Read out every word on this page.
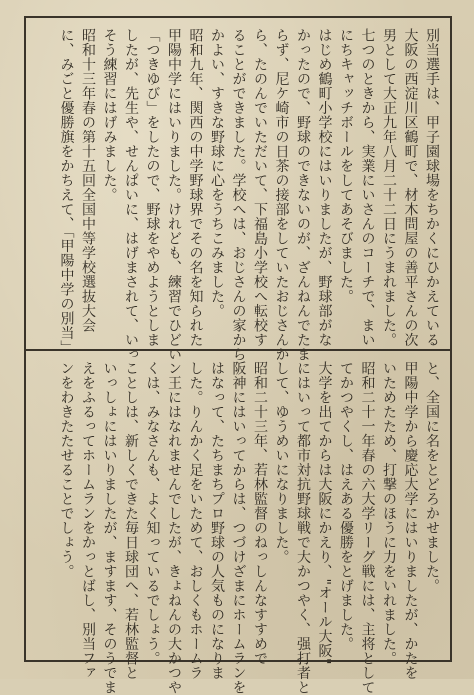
別当選手は、甲子園球場をちかくにひかえている
大阪の西淀川区鶴町で、材木問屋の善平さんの次
男として大正九年八月二十二日にうまれました。
七つのときから、実業にいさんのコーチで、まい
にちキャッチボールをしてあそびました。
はじめ鶴町小学校にはいりましたが、野球部がな
かったので、野球のできないのが、ざんねんでたま
らず、尼ケ崎市の日茶の接部をしていたおじさんか
ら、たのんでいただいて、下福島小学校へ転校す
ることができました。学校へは、おじさんの家から
かよい、すきな野球に心をうちこみました。
昭和九年、関西の中学野球界でその名を知られた
甲陽中学にはいりました。けれども、練習でひどい
「つきゆび」をしたので、野球をやめようとしま
したが、先生や、せんぱいに、はげまされて、いっ
そう練習にはげみました。
昭和十三年春の第十五回全国中等学校選抜大会
に、みごと優勝旗をかちえて、「甲陽中学の別当」
と、全国に名をとどろかせました。
甲陽中学から慶応大学にはいりましたが、かたを
いためたため、打撃のほうに力をいれました。
昭和二十一年春の六大学リーグ戦には、主将として
てかつやくし、はえある優勝をとげました。
大学を出てからは大阪にかえり、"オール大阪"
にはいって都市対抗野球戦で大かつやく、强打者と
して、ゆうめいになりました。
昭和二十三年、若林監督のねっしんなすすめで
阪神にはいってからは、つづけざまにホームランを
はなって、たちまちプロ野球の人気ものになりま
した。りんかく足をいためて、おしくもホームラ
ン王にはなれませんでしたが、きょねんの大かつや
くは、みなさんも、よく知っているでしょう。
ことしは、新しくできた毎日球団へ、若林監督と
いっしょにはいりましたが、ますます、そのうでま
えをふるってホームランをかっとばし、別当ファ
ンをわきたたせることでしょう。
